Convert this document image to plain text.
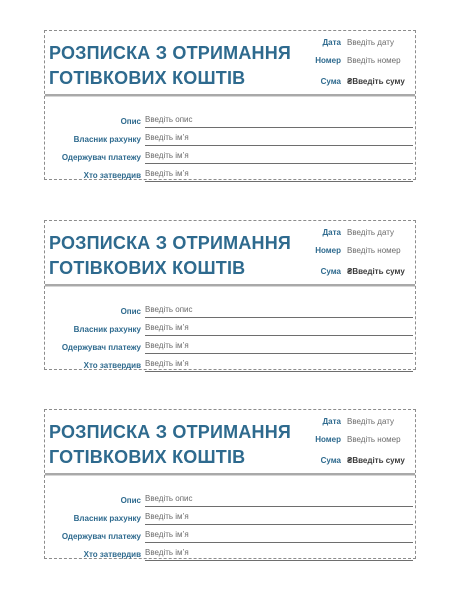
РОЗПИСКА З ОТРИМАННЯ
ГОТІВКОВИХ КОШТІВ
Дата Введіть дату
Номер Введіть номер
Сума ₴Введіть суму
Опис Введіть опис
Власник рахунку Введіть ім’я
Одержувач платежу Введіть ім’я
Хто затвердив Введіть ім’я
РОЗПИСКА З ОТРИМАННЯ
ГОТІВКОВИХ КОШТІВ
Дата Введіть дату
Номер Введіть номер
Сума ₴Введіть суму
Опис Введіть опис
Власник рахунку Введіть ім’я
Одержувач платежу Введіть ім’я
Хто затвердив Введіть ім’я
РОЗПИСКА З ОТРИМАННЯ
ГОТІВКОВИХ КОШТІВ
Дата Введіть дату
Номер Введіть номер
Сума ₴Введіть суму
Опис Введіть опис
Власник рахунку Введіть ім’я
Одержувач платежу Введіть ім’я
Хто затвердив Введіть ім’я
